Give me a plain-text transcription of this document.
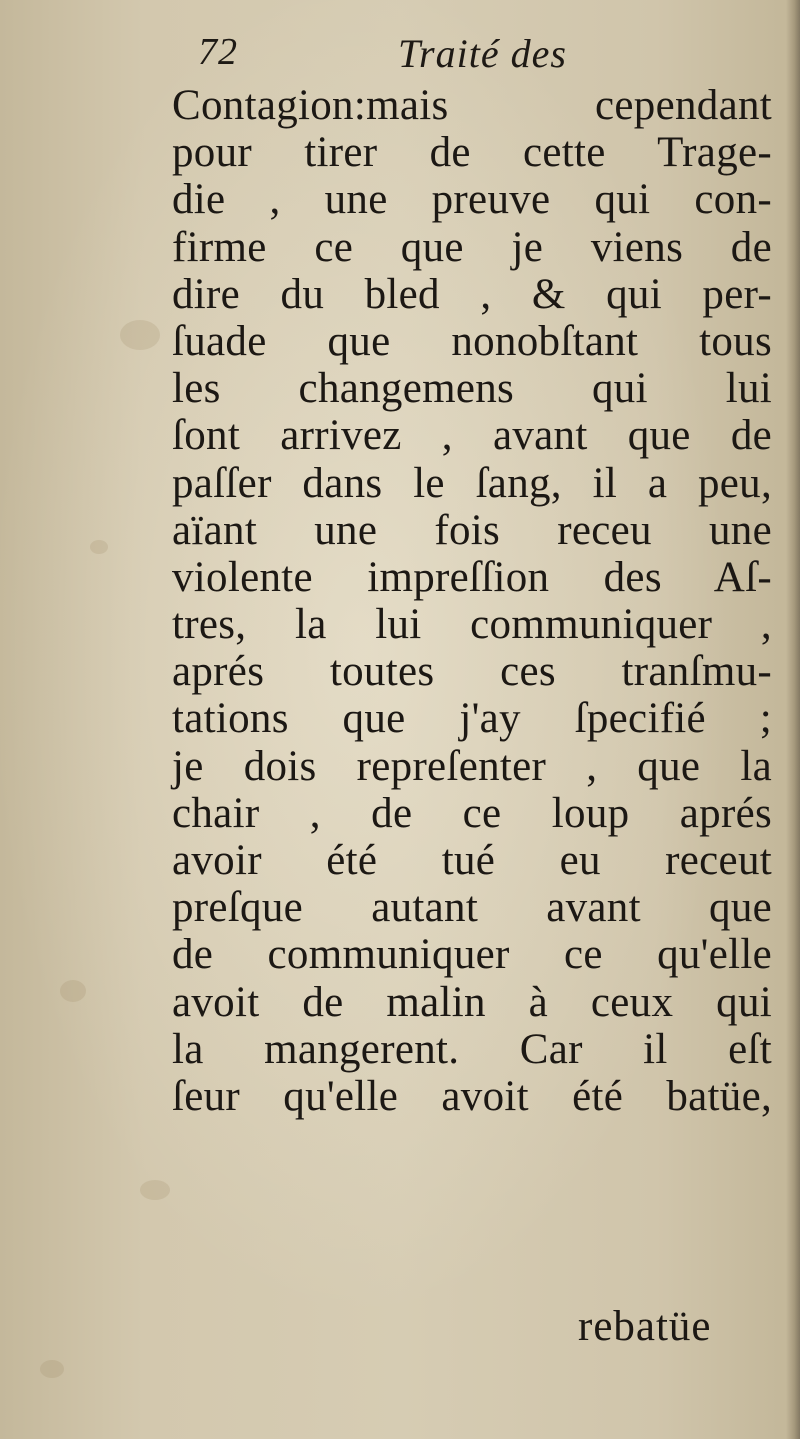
72	Traité des
Contagion:mais cependant
pour tirer de cette Trage-
die , une preuve qui con-
firme ce que je viens de
dire du bled , & qui per-
ſuade que nonobſtant tous
les changemens qui lui
ſont arrivez , avant que de
paſſer dans le ſang, il a peu,
aïant une fois receu une
violente impreſſion des Aſ-
tres, la lui communiquer ,
aprés toutes ces tranſmu-
tations que j'ay ſpecifié ;
je dois repreſenter , que la
chair , de ce loup aprés
avoir été tué eu receut
preſque autant avant que
de communiquer ce qu'elle
avoit de malin à ceux qui
la mangerent. Car il eſt
ſeur qu'elle avoit été batüe,
rebatüe
